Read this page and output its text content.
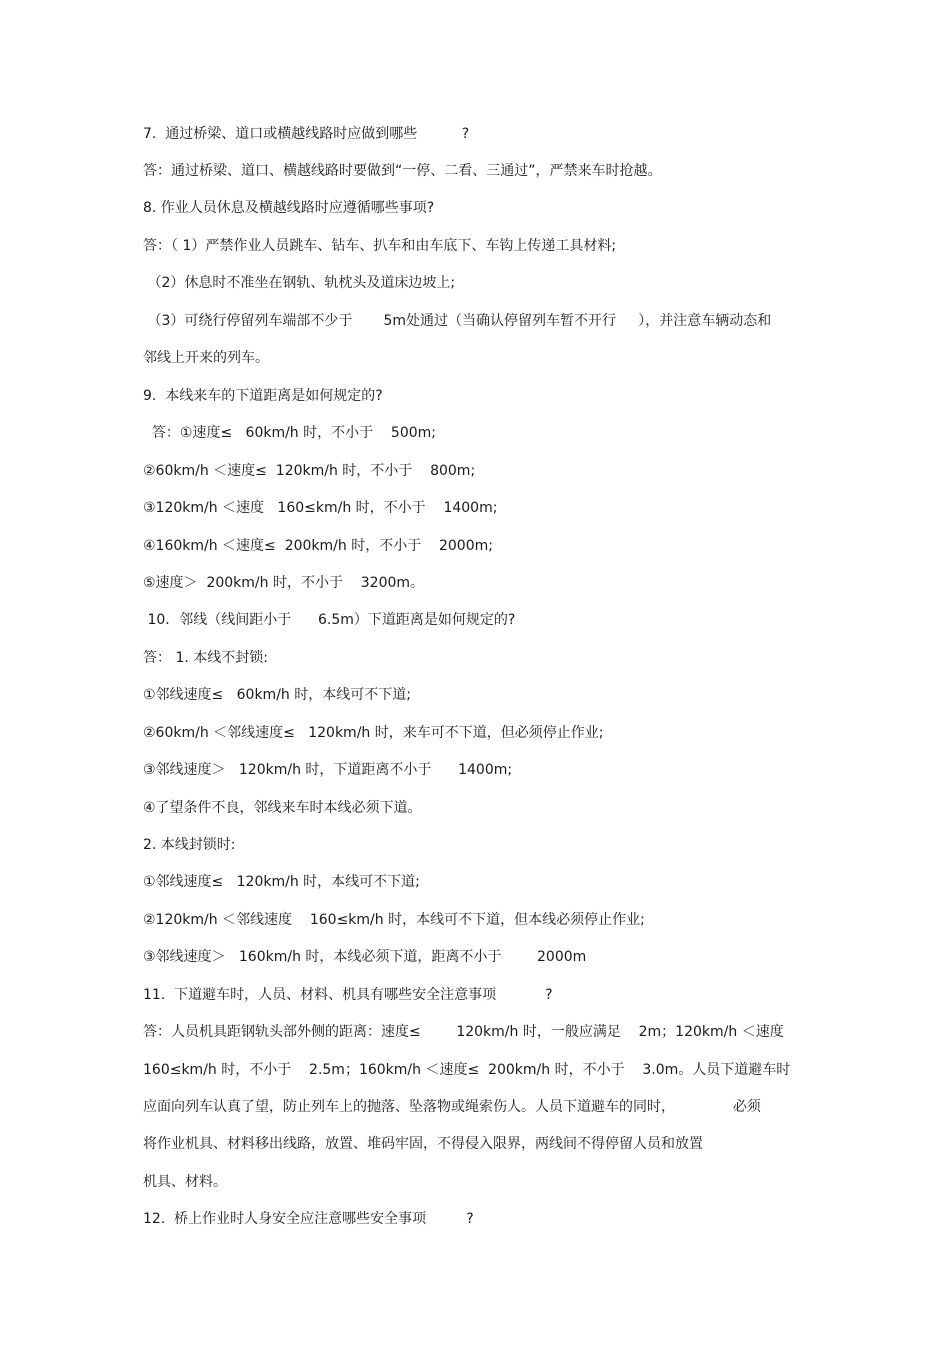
7.  通过桥梁、道口或横越线路时应做到哪些          ?

答：通过桥梁、道口、横越线路时要做到“一停、二看、三通过”，严禁来车时抢越。

8. 作业人员休息及横越线路时应遵循哪些事项?

答：（ 1）严禁作业人员跳车、钻车、扒车和由车底下、车钩上传递工具材料;

（2）休息时不准坐在钢轨、轨枕头及道床边坡上;

（3）可绕行停留列车端部不少于       5m处通过（当确认停留列车暂不开行     ），并注意车辆动态和

邻线上开来的列车。

9.  本线来车的下道距离是如何规定的?

答：①速度≤   60km/h 时，不小于    500m;

②60km/h ＜速度≤  120km/h 时，不小于    800m;

③120km/h ＜速度   160≤km/h 时，不小于    1400m;

④160km/h ＜速度≤  200km/h 时，不小于    2000m;

⑤速度＞  200km/h 时，不小于    3200m。

10．邻线（线间距小于      6.5m）下道距离是如何规定的?

答： 1. 本线不封锁:

①邻线速度≤   60km/h 时，本线可不下道;

②60km/h ＜邻线速度≤   120km/h 时，来车可不下道，但必须停止作业;

③邻线速度＞   120km/h 时，下道距离不小于      1400m;

④了望条件不良，邻线来车时本线必须下道。

2. 本线封锁时:

①邻线速度≤   120km/h 时，本线可不下道;

②120km/h ＜邻线速度    160≤km/h 时，本线可不下道，但本线必须停止作业;

③邻线速度＞   160km/h 时，本线必须下道，距离不小于        2000m

11.  下道避车时，人员、材料、机具有哪些安全注意事项           ?

答：人员机具距钢轨头部外侧的距离：速度≤        120km/h 时，一般应满足    2m；120km/h ＜速度

160≤km/h 时，不小于    2.5m；160km/h ＜速度≤  200km/h 时，不小于    3.0m。人员下道避车时

应面向列车认真了望，防止列车上的抛落、坠落物或绳索伤人。人员下道避车的同时，             必须

将作业机具、材料移出线路，放置、堆码牢固，不得侵入限界，两线间不得停留人员和放置

机具、材料。

12.  桥上作业时人身安全应注意哪些安全事项         ?
